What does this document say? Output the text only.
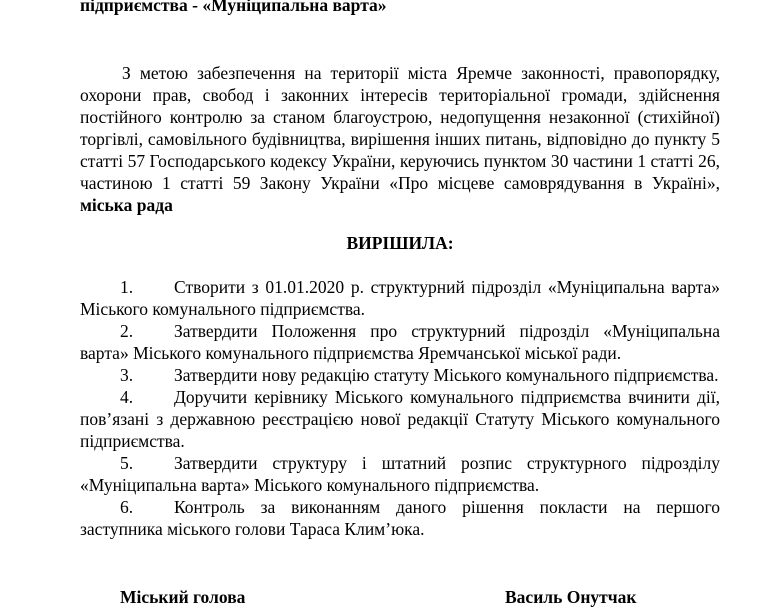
підприємства - «Муніципальна варта»

З метою забезпечення на території міста Яремче законності, правопорядку, охорони прав, свобод і законних інтересів територіальної громади, здійснення постійного контролю за станом благоустрою, недопущення незаконної (стихійної) торгівлі, самовільного будівництва, вирішення інших питань, відповідно до пункту 5 статті 57 Господарського кодексу України, керуючись пунктом 30 частини 1 статті 26, частиною 1 статті 59 Закону України «Про місцеве самоврядування в Україні», міська рада

ВИРІШИЛА:
1. Створити з 01.01.2020 р. структурний підрозділ «Муніципальна варта» Міського комунального підприємства.
2. Затвердити Положення про структурний підрозділ «Муніципальна варта» Міського комунального підприємства Яремчанської міської ради.
3. Затвердити нову редакцію статуту Міського комунального підприємства.
4. Доручити керівнику Міського комунального підприємства вчинити дії, пов’язані з державною реєстрацією нової редакції Статуту Міського комунального підприємства.
5. Затвердити структуру і штатний розпис структурного підрозділу «Муніципальна варта» Міського комунального підприємства.
6. Контроль за виконанням даного рішення покласти на першого заступника міського голови Тараса Клим’юка.
Міський голова	Василь Онутчак
